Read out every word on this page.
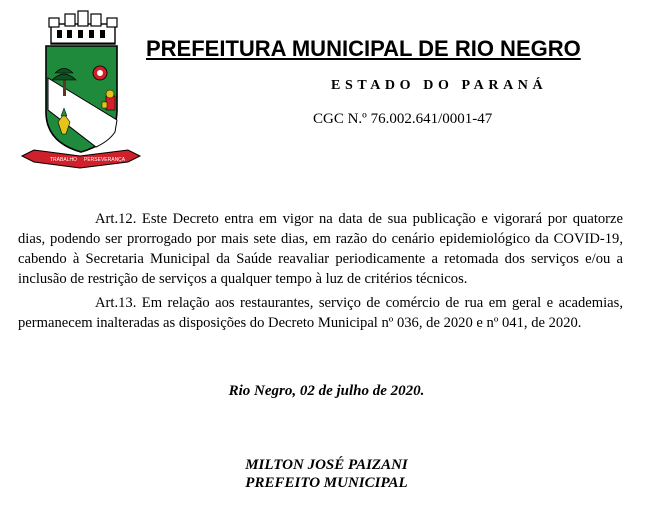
TRABALHO PERSEVERANÇA
PREFEITURA MUNICIPAL DE RIO NEGRO
ESTADO DO PARANÁ
CGC N.º 76.002.641/0001-47

Art.12. Este Decreto entra em vigor na data de sua publicação e vigorará por quatorze dias, podendo ser prorrogado por mais sete dias, em razão do cenário epidemiológico da COVID-19, cabendo à Secretaria Municipal da Saúde reavaliar periodicamente a retomada dos serviços e/ou a inclusão de restrição de serviços a qualquer tempo à luz de critérios técnicos.

Art.13. Em relação aos restaurantes, serviço de comércio de rua em geral e academias, permanecem inalteradas as disposições do Decreto Municipal nº 036, de 2020 e nº 041, de 2020.

Rio Negro, 02 de julho de 2020.
MILTON JOSÉ PAIZANI
PREFEITO MUNICIPAL
